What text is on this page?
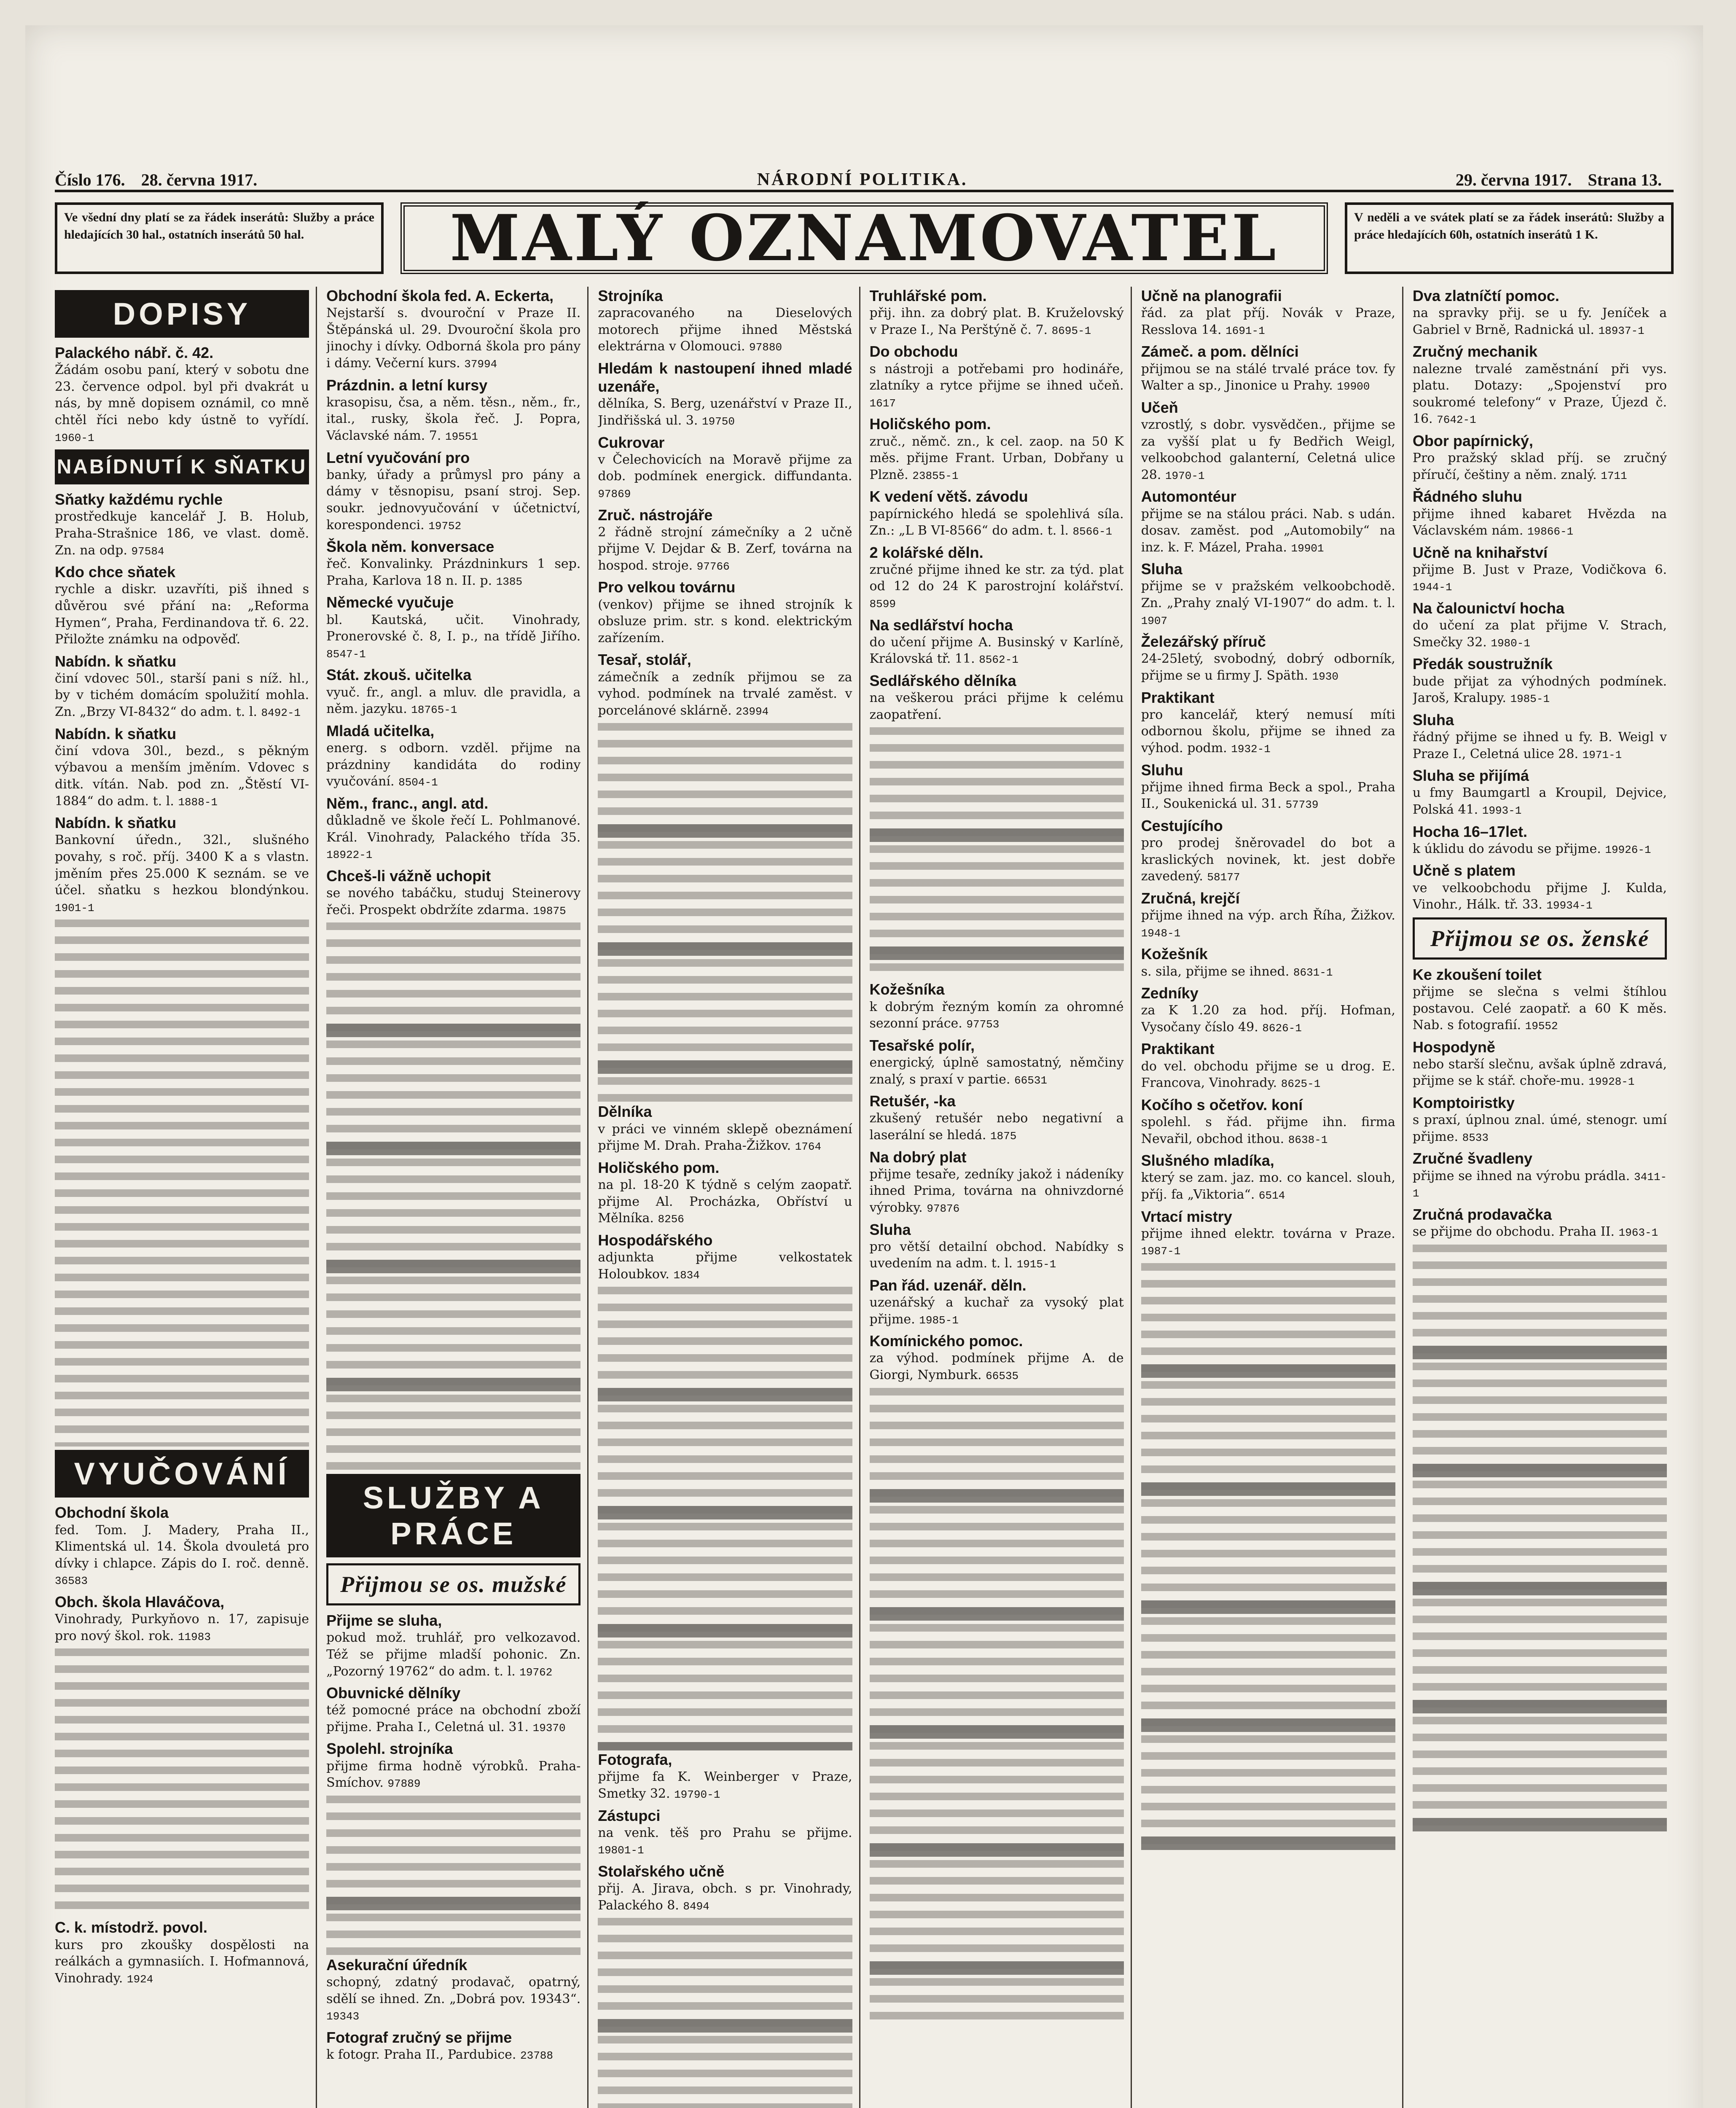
Číslo 176. 28. června 1917.	NÁRODNÍ POLITIKA.	29. června 1917. Strana 13.
Ve všední dny platí se za řádek inserátů: Služby a práce hledajících 30 hal., ostatních inserátů 50 hal.	MALÝ OZNAMOVATEL	V neděli a ve svátek platí se za řádek inserátů: Služby a práce hledajících 60h, ostatních inserátů 1 K.
DOPISY
Palackého nábř. č. 42.
Žádám osobu paní, který v sobotu dne 23. července odpol. byl při dvakrát u nás, by mně dopisem oznámil, co mně chtěl říci nebo kdy ústně to vyřídí. 1960-1
NABÍDNUTÍ K SŇATKU
Sňatky každému rychle
prostředkuje kancelář J. B. Holub, Praha-Strašnice 186, ve vlast. domě. Zn. na odp. 97584
Kdo chce sňatek
rychle a diskr. uzavříti, piš ihned s důvěrou své přání na: „Reforma Hymen“, Praha, Ferdinandova tř. 6. 22. Přiložte známku na odpověď.
Nabídn. k sňatku
činí vdovec 50l., starší pani s níž. hl., by v tichém domácím spolužití mohla. Zn. „Brzy VI-8432“ do adm. t. l. 8492-1
Nabídn. k sňatku
činí vdova 30l., bezd., s pěkným výbavou a menším jměním. Vdovec s ditk. vítán. Nab. pod zn. „Štěstí VI-1884“ do adm. t. l. 1888-1
Nabídn. k sňatku
Bankovní úředn., 32l., slušného povahy, s roč. příj. 3400 K a s vlastn. jměním přes 25.000 K seznám. se ve účel. sňatku s hezkou blondýnkou. 1901-1
VYUČOVÁNÍ
Obchodní škola
fed. Tom. J. Madery, Praha II., Klimentská ul. 14. Škola dvouletá pro dívky i chlapce. Zápis do I. roč. denně. 36583
Obch. škola Hlaváčova,
Vinohrady, Purkyňovo n. 17, zapisuje pro nový škol. rok. 11983
C. k. místodrž. povol.
kurs pro zkoušky dospělosti na reálkách a gymnasiích. I. Hofmannová, Vinohrady. 1924
Obchodní škola fed. A. Eckerta,
Nejstarší s. dvouroční v Praze II. Štěpánská ul. 29. Dvouroční škola pro jinochy i dívky. Odborná škola pro pány i dámy. Večerní kurs. 37994
Prázdnin. a letní kursy
krasopisu, čsa, a něm. těsn., něm., fr., ital., rusky, škola řeč. J. Popra, Václavské nám. 7. 19551
Letní vyučování pro
banky, úřady a průmysl pro pány a dámy v těsnopisu, psaní stroj. Sep. soukr. jednovyučování v účetnictví, korespondenci. 19752
Škola něm. konversace
řeč. Konvalinky. Prázdninkurs 1 sep. Praha, Karlova 18 n. II. p. 1385
Německé vyučuje
bl. Kautská, učit. Vinohrady, Pronerovské č. 8, I. p., na třídě Jiřího. 8547-1
Stát. zkouš. učitelka
vyuč. fr., angl. a mluv. dle pravidla, a něm. jazyku. 18765-1
Mladá učitelka,
energ. s odborn. vzděl. přijme na prázdniny kandidáta do rodiny vyučování. 8504-1
Něm., franc., angl. atd.
důkladně ve škole řečí L. Pohlmanové. Král. Vinohrady, Palackého třída 35. 18922-1
Chceš-li vážně uchopit
se nového tabáčku, studuj Steinerovy řeči. Prospekt obdržíte zdarma. 19875
SLUŽBY A PRÁCE
Přijmou se os. mužské
Přijme se sluha,
pokud mož. truhlář, pro velkozavod. Též se přijme mladší pohonic. Zn. „Pozorný 19762“ do adm. t. l. 19762
Obuvnické dělníky
též pomocné práce na obchodní zboží přijme. Praha I., Celetná ul. 31. 19370
Spolehl. strojníka
přijme firma hodně výrobků. Praha-Smíchov. 97889
Asekurační úředník
schopný, zdatný prodavač, opatrný, sdělí se ihned. Zn. „Dobrá pov. 19343“. 19343
Fotograf zručný se přijme
k fotogr. Praha II., Pardubice. 23788
Strojníka
zapracovaného na Dieselových motorech přijme ihned Městská elektrárna v Olomouci. 97880
Hledám k nastoupení ihned mladé uzenáře,
dělníka, S. Berg, uzenářství v Praze II., Jindřišská ul. 3. 19750
Cukrovar
v Čelechovicích na Moravě přijme za dob. podmínek energick. diffundanta. 97869
Zruč. nástrojáře
2 řádně strojní zámečníky a 2 učně přijme V. Dejdar & B. Zerf, továrna na hospod. stroje. 97766
Pro velkou továrnu
(venkov) přijme se ihned strojník k obsluze prim. str. s kond. elektrickým zařízením.
Tesař, stolář,
zámečník a zedník přijmou se za vyhod. podmínek na trvalé zaměst. v porcelánové sklárně. 23994
Dělníka
v práci ve vinném sklepě obeznámení přijme M. Drah. Praha-Žižkov. 1764
Holičského pom.
na pl. 18-20 K týdně s celým zaopatř. přijme Al. Procházka, Obříství u Mělníka. 8256
Hospodářského
adjunkta přijme velkostatek Holoubkov. 1834
Fotografa,
přijme fa K. Weinberger v Praze, Smetky 32. 19790-1
Zástupci
na venk. těš pro Prahu se přijme. 19801-1
Stolařského učně
přij. A. Jirava, obch. s pr. Vinohrady, Palackého 8. 8494
Truhlářské pom.
přij. ihn. za dobrý plat. B. Kruželovský v Praze I., Na Perštýně č. 7. 8695-1
Do obchodu
s nástroji a potřebami pro hodináře, zlatníky a rytce přijme se ihned učeň. 1617
Holičského pom.
zruč., němč. zn., k cel. zaop. na 50 K měs. přijme Frant. Urban, Dobřany u Plzně. 23855-1
K vedení větš. závodu
papírnického hledá se spolehlivá síla. Zn.: „L B VI-8566“ do adm. t. l. 8566-1
2 kolářské děln.
zručné přijme ihned ke str. za týd. plat od 12 do 24 K parostrojní kolářství. 8599
Na sedlářství hocha
do učení přijme A. Businský v Karlíně, Královská tř. 11. 8562-1
Sedlářského dělníka
na veškerou práci přijme k celému zaopatření.
Kožešníka
k dobrým řezným komín za ohromné sezonní práce. 97753
Tesařské polír,
energický, úplně samostatný, němčiny znalý, s praxí v partie. 66531
Retušér, -ka
zkušený retušér nebo negativní a laserální se hledá. 1875
Na dobrý plat
přijme tesaře, zedníky jakož i nádeníky ihned Prima, továrna na ohnivzdorné výrobky. 97876
Sluha
pro větší detailní obchod. Nabídky s uvedením na adm. t. l. 1915-1
Pan řád. uzenář. děln.
uzenářský a kuchař za vysoký plat přijme. 1985-1
Komínického pomoc.
za výhod. podmínek přijme A. de Giorgi, Nymburk. 66535
Učně na planografii
řád. za plat příj. Novák v Praze, Resslova 14. 1691-1
Zámeč. a pom. dělníci
přijmou se na stálé trvalé práce tov. fy Walter a sp., Jinonice u Prahy. 19900
Učeň
vzrostlý, s dobr. vysvědčen., přijme se za vyšší plat u fy Bedřich Weigl, velkoobchod galanterní, Celetná ulice 28. 1970-1
Automontéur
přijme se na stálou práci. Nab. s udán. dosav. zaměst. pod „Automobily“ na inz. k. F. Mázel, Praha. 19901
Sluha
přijme se v pražském velkoobchodě. Zn. „Prahy znalý VI-1907“ do adm. t. l. 1907
Železářský příruč
24-25letý, svobodný, dobrý odborník, přijme se u firmy J. Späth. 1930
Praktikant
pro kancelář, který nemusí míti odbornou školu, přijme se ihned za výhod. podm. 1932-1
Sluhu
přijme ihned firma Beck a spol., Praha II., Soukenická ul. 31. 57739
Cestujícího
pro prodej šněrovadel do bot a kraslických novinek, kt. jest dobře zavedený. 58177
Zručná, krejčí
přijme ihned na výp. arch Říha, Žižkov. 1948-1
Kožešník
s. sila, přijme se ihned. 8631-1
Zedníky
za K 1.20 za hod. příj. Hofman, Vysočany číslo 49. 8626-1
Praktikant
do vel. obchodu přijme se u drog. E. Francova, Vinohrady. 8625-1
Kočího s očetřov. koní
spolehl. s řád. přijme ihn. firma Nevařil, obchod ithou. 8638-1
Slušného mladíka,
který se zam. jaz. mo. co kancel. slouh, příj. fa „Viktoria“. 6514
Vrtací mistry
přijme ihned elektr. továrna v Praze. 1987-1
Dva zlatníčtí pomoc.
na spravky přij. se u fy. Jeníček a Gabriel v Brně, Radnická ul. 18937-1
Zručný mechanik
nalezne trvalé zaměstnání při vys. platu. Dotazy: „Spojenství pro soukromé telefony“ v Praze, Újezd č. 16. 7642-1
Obor papírnický,
Pro pražský sklad příj. se zručný příručí, češtiny a něm. znalý. 1711
Řádného sluhu
přijme ihned kabaret Hvězda na Václavském nám. 19866-1
Učně na knihařství
přijme B. Just v Praze, Vodičkova 6. 1944-1
Na čalounictví hocha
do učení za plat přijme V. Strach, Smečky 32. 1980-1
Předák soustružník
bude přijat za výhodných podmínek. Jaroš, Kralupy. 1985-1
Sluha
řádný přijme se ihned u fy. B. Weigl v Praze I., Celetná ulice 28. 1971-1
Sluha se přijímá
u fmy Baumgartl a Kroupil, Dejvice, Polská 41. 1993-1
Hocha 16–17let.
k úklidu do závodu se přijme. 19926-1
Učně s platem
ve velkoobchodu přijme J. Kulda, Vinohr., Hálk. tř. 33. 19934-1
Přijmou se os. ženské
Ke zkoušení toilet
přijme se slečna s velmi štíhlou postavou. Celé zaopatř. a 60 K měs. Nab. s fotografií. 19552
Hospodyně
nebo starší slečnu, avšak úplně zdravá, přijme se k stář. choře-mu. 19928-1
Komptoiristky
s praxí, úplnou znal. úmé, stenogr. umí přijme. 8533
Zručné švadleny
přijme se ihned na výrobu prádla. 3411-1
Zručná prodavačka
se přijme do obchodu. Praha II. 1963-1
